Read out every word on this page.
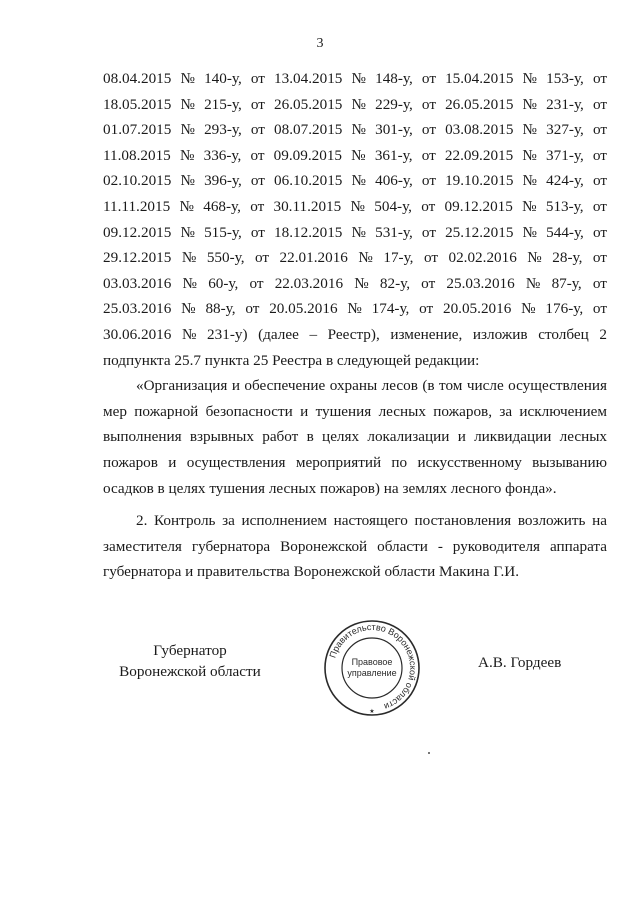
3
08.04.2015 № 140-у, от 13.04.2015 № 148-у, от 15.04.2015 № 153-у, от
18.05.2015 № 215-у, от 26.05.2015 № 229-у, от 26.05.2015 № 231-у, от
01.07.2015 № 293-у, от 08.07.2015 № 301-у, от 03.08.2015 № 327-у, от
11.08.2015 № 336-у, от 09.09.2015 № 361-у, от 22.09.2015 № 371-у, от
02.10.2015 № 396-у, от 06.10.2015 № 406-у, от 19.10.2015 № 424-у, от
11.11.2015 № 468-у, от 30.11.2015 № 504-у, от 09.12.2015 № 513-у, от
09.12.2015 № 515-у, от 18.12.2015 № 531-у, от 25.12.2015 № 544-у, от
29.12.2015 № 550-у, от 22.01.2016 № 17-у, от 02.02.2016 № 28-у, от
03.03.2016 № 60-у, от 22.03.2016 № 82-у, от 25.03.2016 № 87-у, от
25.03.2016 № 88-у, от 20.05.2016 № 174-у, от 20.05.2016 № 176-у, от
30.06.2016 № 231-у) (далее – Реестр), изменение, изложив столбец 2

подпункта 25.7 пункта 25 Реестра в следующей редакции:

«Организация и обеспечение охраны лесов (в том числе осуществления мер пожарной безопасности и тушения лесных пожаров, за исключением выполнения взрывных работ в целях локализации и ликвидации лесных пожаров и осуществления мероприятий по искусственному вызыванию осадков в целях тушения лесных пожаров) на землях лесного фонда».

2. Контроль за исполнением настоящего постановления возложить на заместителя губернатора Воронежской области - руководителя аппарата губернатора и правительства Воронежской области Макина Г.И.

Губернатор
Воронежской области
Правительство Воронежской области
Правовое
управление
★
А.В. Гордеев
